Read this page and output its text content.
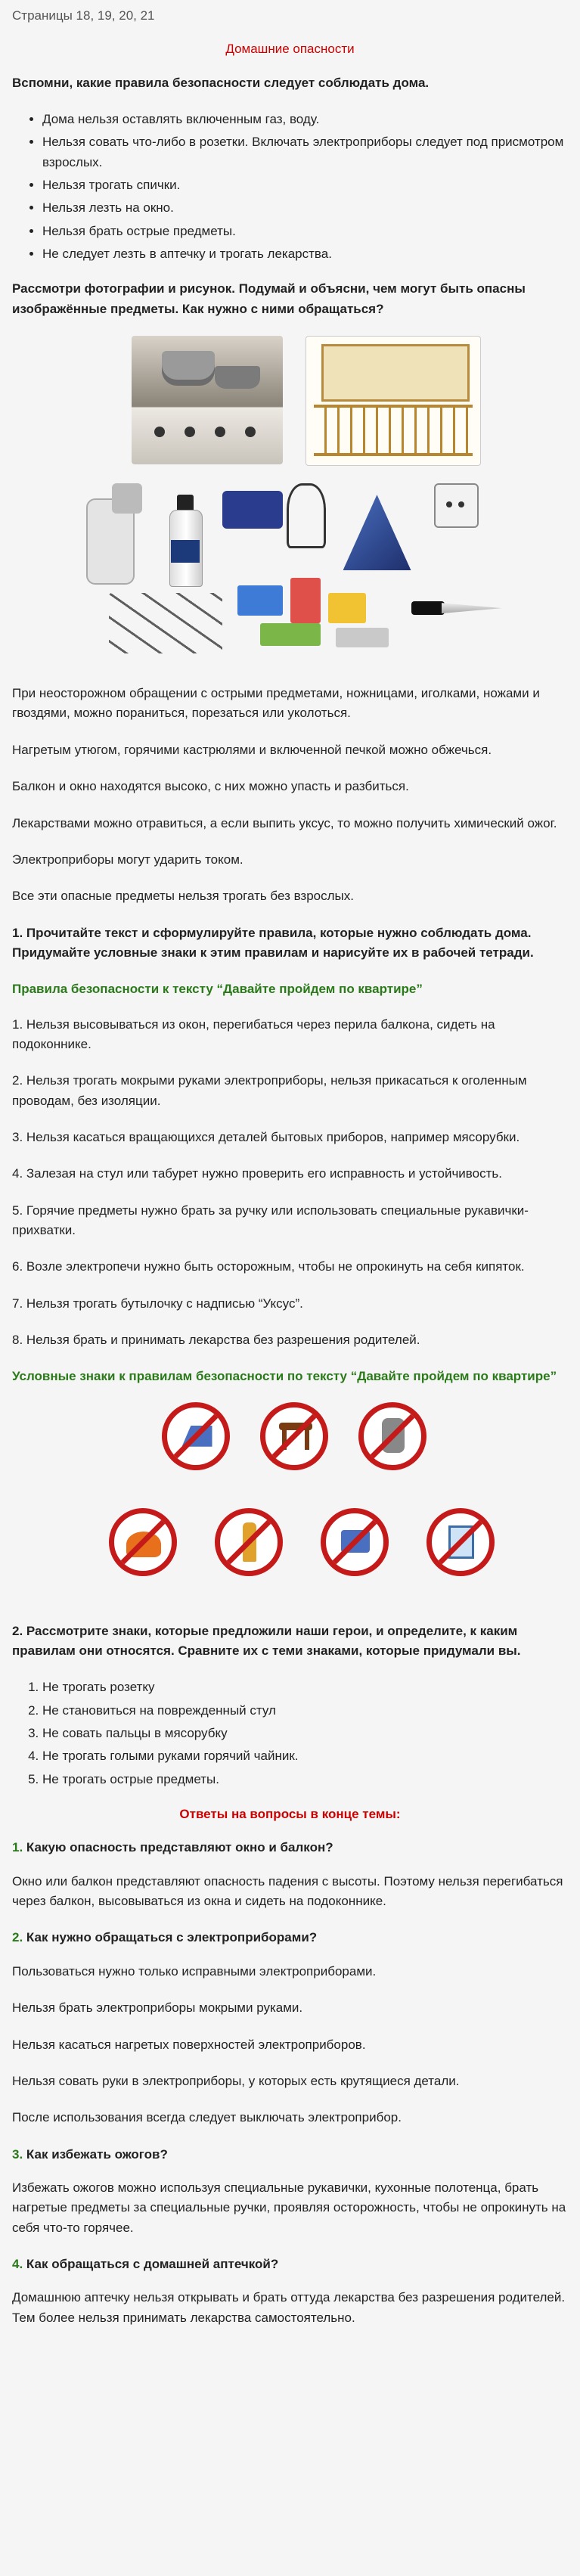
Страницы 18, 19, 20, 21
Домашние опасности

Вспомни, какие правила безопасности следует соблюдать дома.

• Дома нельзя оставлять включенным газ, воду.
• Нельзя совать что-либо в розетки. Включать электроприборы следует под присмотром взрослых.
• Нельзя трогать спички.
• Нельзя лезть на окно.
• Нельзя брать острые предметы.
• Не следует лезть в аптечку и трогать лекарства.

Рассмотри фотографии и рисунок. Подумай и объясни, чем могут быть опасны изображённые предметы. Как нужно с ними обращаться?

При неосторожном обращении с острыми предметами, ножницами, иголками, ножами и гвоздями, можно пораниться, порезаться или уколоться.

Нагретым утюгом, горячими кастрюлями и включенной печкой можно обжечься.

Балкон и окно находятся высоко, с них можно упасть и разбиться.

Лекарствами можно отравиться, а если выпить уксус, то можно получить химический ожог.

Электроприборы могут ударить током.

Все эти опасные предметы нельзя трогать без взрослых.

1. Прочитайте текст и сформулируйте правила, которые нужно соблюдать дома. Придумайте условные знаки к этим правилам и нарисуйте их в рабочей тетради.

Правила безопасности к тексту “Давайте пройдем по квартире”

1. Нельзя высовываться из окон, перегибаться через перила балкона, сидеть на подоконнике.

2. Нельзя трогать мокрыми руками электроприборы, нельзя прикасаться к оголенным проводам, без изоляции.

3. Нельзя касаться вращающихся деталей бытовых приборов, например мясорубки.

4. Залезая на стул или табурет нужно проверить его исправность и устойчивость.

5. Горячие предметы нужно брать за ручку или использовать специальные рукавички-прихватки.

6. Возле электропечи нужно быть осторожным, чтобы не опрокинуть на себя кипяток.

7. Нельзя трогать бутылочку с надписью “Уксус”.

8. Нельзя брать и принимать лекарства без разрешения родителей.

Условные знаки к правилам безопасности по тексту “Давайте пройдем по квартире”

2. Рассмотрите знаки, которые предложили наши герои, и определите, к каким правилам они относятся. Сравните их с теми знаками, которые придумали вы.

1. Не трогать розетку
2. Не становиться на поврежденный стул
3. Не совать пальцы в мясорубку
4. Не трогать голыми руками горячий чайник.
5. Не трогать острые предметы.
Ответы на вопросы в конце темы:
1. Какую опасность представляют окно и балкон?

Окно или балкон представляют опасность падения с высоты. Поэтому нельзя перегибаться через балкон, высовываться из окна и сидеть на подоконнике.

2. Как нужно обращаться с электроприборами?

Пользоваться нужно только исправными электроприборами.

Нельзя брать электроприборы мокрыми руками.

Нельзя касаться нагретых поверхностей электроприборов.

Нельзя совать руки в электроприборы, у которых есть крутящиеся детали.

После использования всегда следует выключать электроприбор.

3. Как избежать ожогов?

Избежать ожогов можно используя специальные рукавички, кухонные полотенца, брать нагретые предметы за специальные ручки, проявляя осторожность, чтобы не опрокинуть на себя что-то горячее.

4. Как обращаться с домашней аптечкой?

Домашнюю аптечку нельзя открывать и брать оттуда лекарства без разрешения родителей. Тем более нельзя принимать лекарства самостоятельно.
